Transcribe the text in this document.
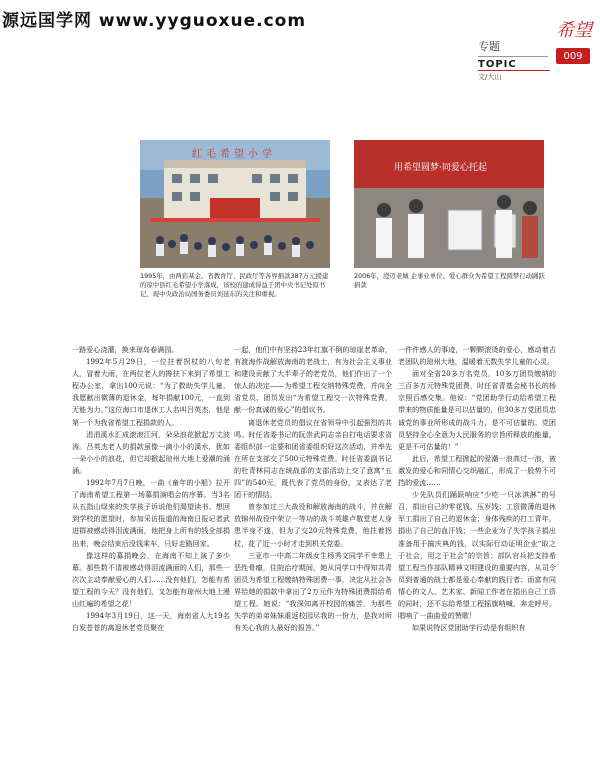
源远国学网 www.yyguoxue.com	希望
009
专题
TOPIC
文/大山
红毛希望小学
1995年，由两彩基金、省教育厅、民政厅等各界捐款387万元援建的琼中县红毛希望小学落成，该校的建成得益于团中央书记处原书记、现中央政治局国务委员刘延东的关注和重视。
用希望圆梦·同爱心托起
2006年，澄迈老城 企事业单位、爱心群众为希望工程圆梦行动踊跃捐款

一路爱心浇灌，换来琼岛春满园。

1992年5月29日，一位拄着拐杖的八旬老人，冒着大雨，在两位老人的搀扶下来到了希望工程办公室，拿出100元说：“为了救助失学儿童，我愿献出微薄的退休金，每年捐献100元，一直到无能为力。”这位海口市退休工人名叫吕英杰，他是第一个为我省希望工程捐款的人。

涓涓溪水汇成滚滚江河，朵朵浪花掀起万丈波涛。吕英杰老人的捐款虽像一滴小小的溪水，犹如一朵小小的浪花，但它却掀起琼州大地上爱潮的涌涌。

1992年7月7日晚，一曲《童年的小船》拉开了海南希望工程第一场募捐演唱会的序幕。当3名从五指山绿来的失学孩子诉说他们渴望读书、想回到学校的愿望时，参加采访报道的海南日报记者武进群被感动得泪流满面，他把身上所有的钱全部捐出来，晚会结束后没钱乘车，只好走路回家。

像这样的募捐晚会，在海南不知上演了多少幕。那些数不清被感动得泪流满面的人们，那些一次次主动奉献爱心的人们……没有他们，怎能有希望工程的今天？没有他们，又怎能有琼州大地上漫山红遍的希望之花！

1994年3月19日，这一天，海南省人大19名白发苍苍的离退休老党员聚在

一起，他们中有坚持23年红旗不倒的琼崖老革命，有渡海作战解放海南的老战士，有为社会主义事业和建设贡献了大半辈子的老党员，他们作出了一个惊人的决定——为希望工程交纳特殊党费，并向全省党员、团员发出“为希望工程交一次特殊党费，献一份真诚的爱心”的倡议书。

离退休老党员的倡议在省领导中引起强烈的共鸣。时任省委书记的阮崇武同志亲自打电话要求省委组织部一定要和团省委组织好这次活动，并率先在所在支部交了500元特殊党费。时任省委副书记的杜青林同志在统战部的支部活动上交了意寓“五四”的540元，既代表了党员的身份，又表达了老团干的情结。

曾参加过三大战役和解放海南的战斗，并在解放锦州战役中荣立一等功的战斗英雄卢敬堂老人身患半身不遂，但为了交20元特殊党费，他拄着拐杖，花了近一小时才走到机关党委。

三亚市一中高二年级女生杨秀文同学不幸患上恶性骨瘤，住院治疗期间，她从同学口中得知共青团员为希望工程缴纳特殊团费一事，决定从社会各界给她的捐款中拿出了2万元作为特殊团费捐给希望工程。她说：“我深知离开校园的痛苦，为那些失学的弟弟妹妹重返校园尽我的一份力，是我对所有关心我的人最好的报答。”

一件件感人的事迹，一颗颗滚烫的爱心，感动着吉老团队的琼州大地，温暖着无数失学儿童的心灵。

面对全省20多万名党员，10多万团员缴纳的三百多万元特殊党团费，时任省青基会秘书长的杨宗照百感交集。他说：“党团助学行动给希望工程带来的物质能量是可以估量的，但30多万党团员忠诚党的事业所形成的战斗力，是不可估量的。党团员坚持全心全意为人民服务的宗旨所释放的能量，更是不可估量的！”

此后，希望工程掀起的爱潮一浪高过一浪，被激发的爱心和同情心交织融汇，形成了一股势不可挡的爱流……

少先队员们踊跃响应“少吃一只冰淇淋”的号召，捐出自己的零花钱、压岁钱；工资微薄的退休军工捐出了自己的退休金；身体残疾的打工青年，捐出了自己的血汗钱；一些企业为了失学孩子捐出准备用于搞庆典的钱，以实际行动证明企业“取之于社会，用之于社会”的宗旨；部队官兵把支持希望工程当作部队精神文明建设的重要内容，从司令员到普通的战士都是爱心奉献的践行者；而富有同情心的文人、艺术家、新闻工作者在捐出自己工资的同时，还不忘给希望工程摇旗呐喊，奔走呼号，唱响了一曲曲爱的赞歌！

如果说特区党团助学行动是有组织有
